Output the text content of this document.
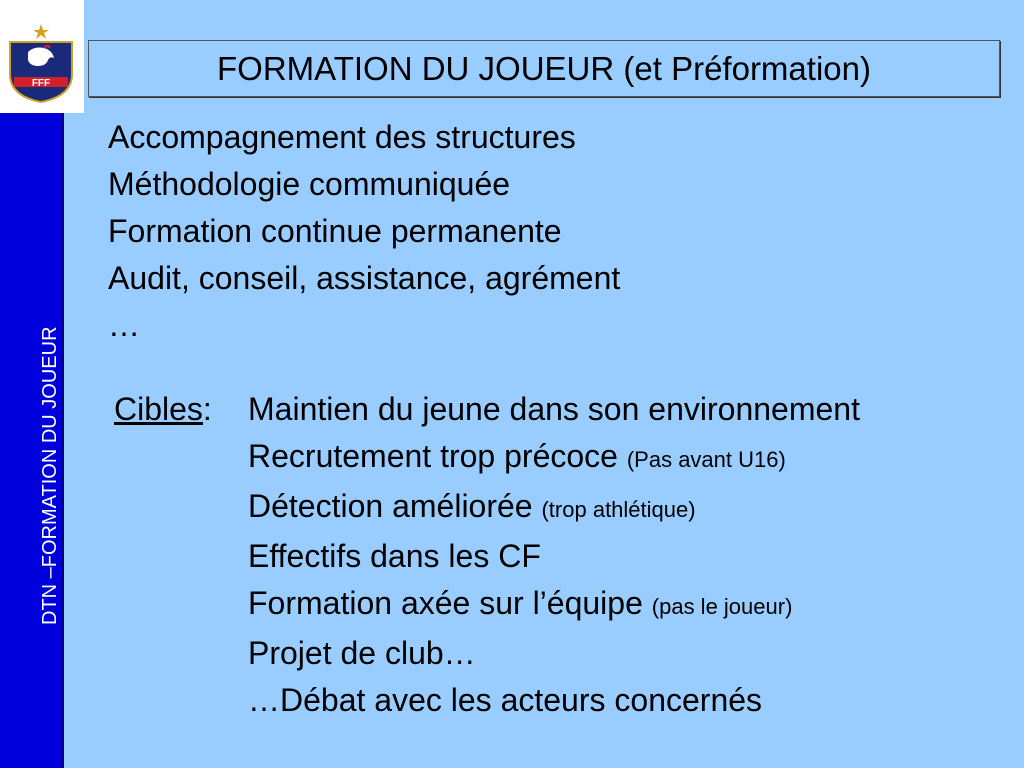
FFF
DTN –FORMATION DU JOUEUR
FORMATION DU JOUEUR (et Préformation)
Accompagnement des structures
Méthodologie communiquée
Formation continue permanente
Audit, conseil, assistance, agrément
…
Cibles: Maintien du jeune dans son environnement
Recrutement trop précoce (Pas avant U16)
Détection améliorée (trop athlétique)
Effectifs dans les CF
Formation axée sur l’équipe (pas le joueur)
Projet de club…
…Débat avec les acteurs concernés
